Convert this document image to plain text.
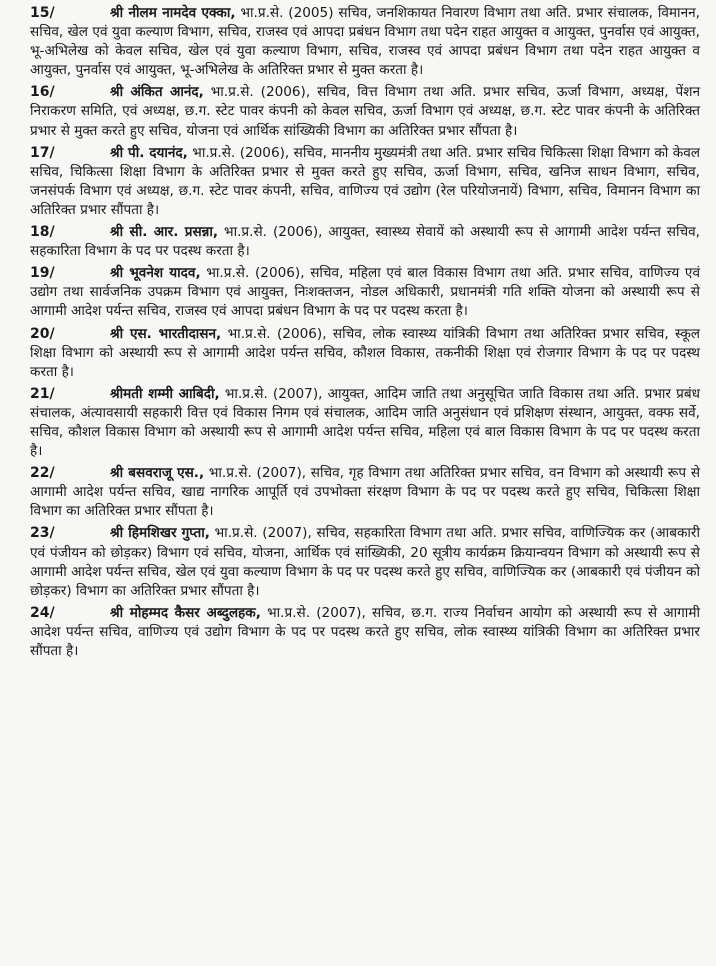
15/	श्री नीलम नामदेव एक्का, भा.प्र.से. (2005) सचिव, जनशिकायत निवारण विभाग तथा अति. प्रभार संचालक, विमानन, सचिव, खेल एवं युवा कल्याण विभाग, सचिव, राजस्व एवं आपदा प्रबंधन विभाग तथा पदेन राहत आयुक्त व आयुक्त, पुनर्वास एवं आयुक्त, भू-अभिलेख को केवल सचिव, खेल एवं युवा कल्याण विभाग, सचिव, राजस्व एवं आपदा प्रबंधन विभाग तथा पदेन राहत आयुक्त व आयुक्त, पुनर्वास एवं आयुक्त, भू-अभिलेख के अतिरिक्त प्रभार से मुक्त करता है।
16/	श्री अंकित आनंद, भा.प्र.से. (2006), सचिव, वित्त विभाग तथा अति. प्रभार सचिव, ऊर्जा विभाग, अध्यक्ष, पेंशन निराकरण समिति, एवं अध्यक्ष, छ.ग. स्टेट पावर कंपनी को केवल सचिव, ऊर्जा विभाग एवं अध्यक्ष, छ.ग. स्टेट पावर कंपनी के अतिरिक्त प्रभार से मुक्त करते हुए सचिव, योजना एवं आर्थिक सांख्यिकी विभाग का अतिरिक्त प्रभार सौंपता है।
17/	श्री पी. दयानंद, भा.प्र.से. (2006), सचिव, माननीय मुख्यमंत्री तथा अति. प्रभार सचिव चिकित्सा शिक्षा विभाग को केवल सचिव, चिकित्सा शिक्षा विभाग के अतिरिक्त प्रभार से मुक्त करते हुए सचिव, ऊर्जा विभाग, सचिव, खनिज साधन विभाग, सचिव, जनसंपर्क विभाग एवं अध्यक्ष, छ.ग. स्टेट पावर कंपनी, सचिव, वाणिज्य एवं उद्योग (रेल परियोजनायें) विभाग, सचिव, विमानन विभाग का अतिरिक्त प्रभार सौंपता है।
18/	श्री सी. आर. प्रसन्ना, भा.प्र.से. (2006), आयुक्त, स्वास्थ्य सेवायें को अस्थायी रूप से आगामी आदेश पर्यन्त सचिव, सहकारिता विभाग के पद पर पदस्थ करता है।
19/	श्री भूवनेश यादव, भा.प्र.से. (2006), सचिव, महिला एवं बाल विकास विभाग तथा अति. प्रभार सचिव, वाणिज्य एवं उद्योग तथा सार्वजनिक उपक्रम विभाग एवं आयुक्त, निःशक्तजन, नोडल अधिकारी, प्रधानमंत्री गति शक्ति योजना को अस्थायी रूप से आगामी आदेश पर्यन्त सचिव, राजस्व एवं आपदा प्रबंधन विभाग के पद पर पदस्थ करता है।
20/	श्री एस. भारतीदासन, भा.प्र.से. (2006), सचिव, लोक स्वास्थ्य यांत्रिकी विभाग तथा अतिरिक्त प्रभार सचिव, स्कूल शिक्षा विभाग को अस्थायी रूप से आगामी आदेश पर्यन्त सचिव, कौशल विकास, तकनीकी शिक्षा एवं रोजगार विभाग के पद पर पदस्थ करता है।
21/	श्रीमती शम्मी आबिदी, भा.प्र.से. (2007), आयुक्त, आदिम जाति तथा अनुसूचित जाति विकास तथा अति. प्रभार प्रबंध संचालक, अंत्यावसायी सहकारी वित्त एवं विकास निगम एवं संचालक, आदिम जाति अनुसंधान एवं प्रशिक्षण संस्थान, आयुक्त, वक्फ सर्वे, सचिव, कौशल विकास विभाग को अस्थायी रूप से आगामी आदेश पर्यन्त सचिव, महिला एवं बाल विकास विभाग के पद पर पदस्थ करता है।
22/	श्री बसवराजू एस., भा.प्र.से. (2007), सचिव, गृह विभाग तथा अतिरिक्त प्रभार सचिव, वन विभाग को अस्थायी रूप से आगामी आदेश पर्यन्त सचिव, खाद्य नागरिक आपूर्ति एवं उपभोक्ता संरक्षण विभाग के पद पर पदस्थ करते हुए सचिव, चिकित्सा शिक्षा विभाग का अतिरिक्त प्रभार सौंपता है।
23/	श्री हिमशिखर गुप्ता, भा.प्र.से. (2007), सचिव, सहकारिता विभाग तथा अति. प्रभार सचिव, वाणिज्यिक कर (आबकारी एवं पंजीयन को छोड़कर) विभाग एवं सचिव, योजना, आर्थिक एवं सांख्यिकी, 20 सूत्रीय कार्यक्रम क्रियान्वयन विभाग को अस्थायी रूप से आगामी आदेश पर्यन्त सचिव, खेल एवं युवा कल्याण विभाग के पद पर पदस्थ करते हुए सचिव, वाणिज्यिक कर (आबकारी एवं पंजीयन को छोड़कर) विभाग का अतिरिक्त प्रभार सौंपता है।
24/	श्री मोहम्मद कैसर अब्दुलहक, भा.प्र.से. (2007), सचिव, छ.ग. राज्य निर्वाचन आयोग को अस्थायी रूप से आगामी आदेश पर्यन्त सचिव, वाणिज्य एवं उद्योग विभाग के पद पर पदस्थ करते हुए सचिव, लोक स्वास्थ्य यांत्रिकी विभाग का अतिरिक्त प्रभार सौंपता है।
